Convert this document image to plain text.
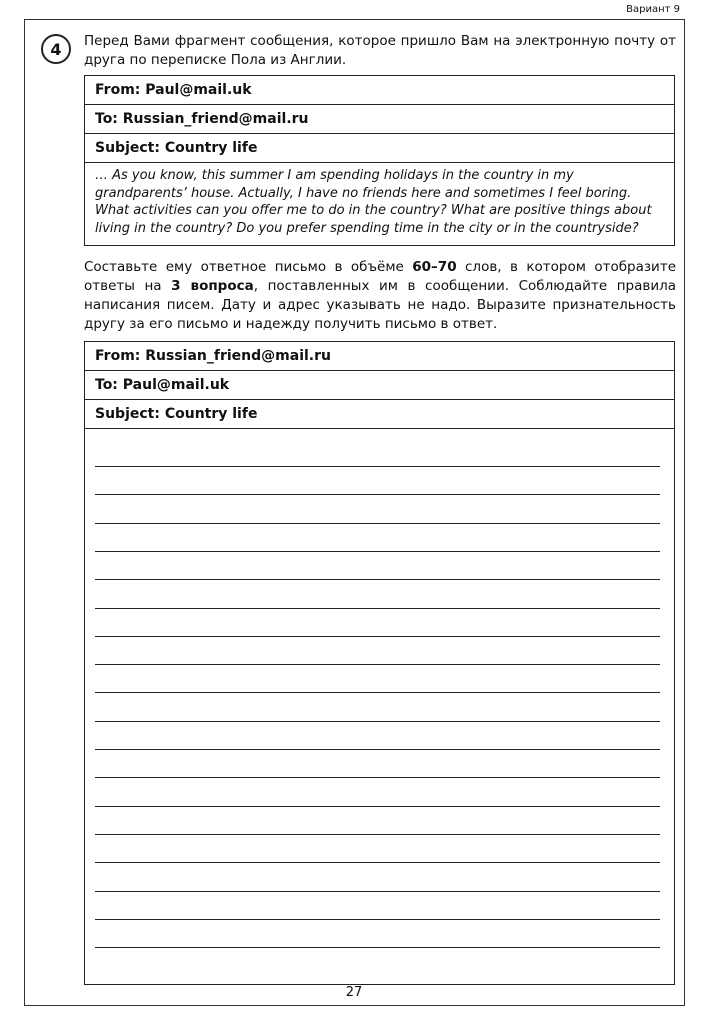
Вариант 9
4	Перед Вами фрагмент сообщения, которое пришло Вам на электронную почту от друга по переписке Пола из Англии.
From: Paul@mail.uk
To: Russian_friend@mail.ru
Subject: Country life
… As you know, this summer I am spending holidays in the country in my grandparents’ house. Actually, I have no friends here and sometimes I feel boring. What activities can you offer me to do in the country? What are positive things about living in the country? Do you prefer spending time in the city or in the countryside?
Составьте ему ответное письмо в объёме 60–70 слов, в котором отобразите ответы на 3 вопроса, поставленных им в сообщении. Соблюдайте правила написания писем. Дату и адрес указывать не надо. Выразите признательность другу за его письмо и надежду получить письмо в ответ.
From: Russian_friend@mail.ru
To: Paul@mail.uk
Subject: Country life
27
